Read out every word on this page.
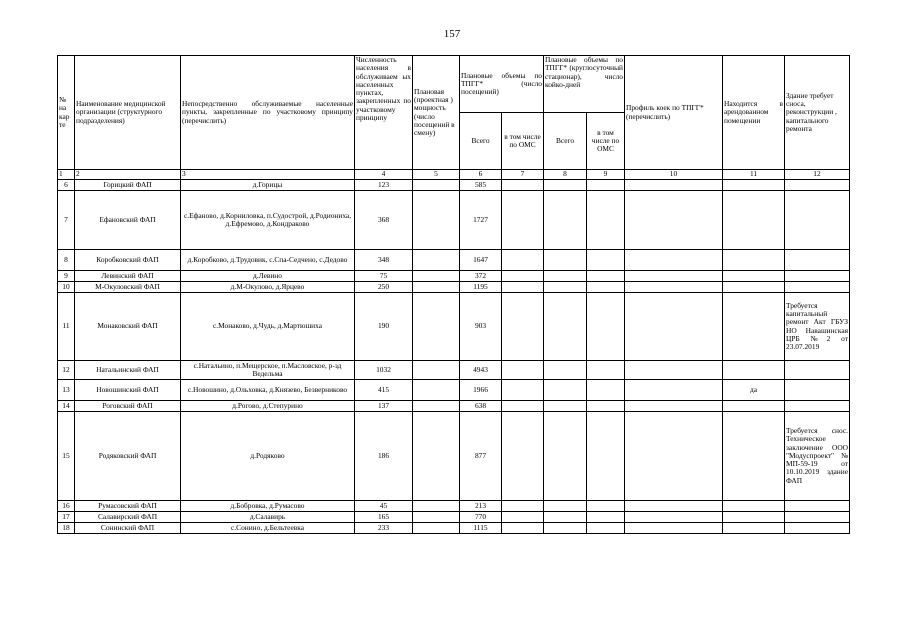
157
№ на кар те	Наименование медицинской организации (структурного подразделения)	Непосредственно обслуживаемые населенные пункты, закрепленные по участковому принципу (перечислить)	Численность населения в обслуживаем ых населенных пунктах, закрепленных по участковому принципу	Плановая (проектная ) мощность (число посещений в смену)	Плановые объемы по ТПГГ* (число посещений)		Плановые объемы по ТПГГ* (круглосуточный стационар), число койко-дней		Профиль коек по ТПГГ* (перечислить)	Находится в арендованном помещении	Здание требует сноса, реконструкции , капитального ремонта
					Всего	в том числе по ОМС	Всего	в том числе по ОМС			
1	2	3	4	5	6	7	8	9	10	11	12
6	Горицкий ФАП	д.Горицы	123		585						
7	Ефановский ФАП	с.Ефаново, д.Корниловка, п.Судострой, д.Родиониха, д.Ефремово, д.Кондраково	368		1727						
8	Коробковский ФАП	д.Коробково, д.Трудовик, с.Спа-Седчено, с.Дедово	348		1647						
9	Левинский ФАП	д.Левино	75		372						
10	М-Окуловский ФАП	д.М-Окулово, д.Ярцево	250		1195						
11	Монаковский ФАП	с.Монаково, д.Чудь, д.Мартюшиха	190		903						Требуется капитальный ремонт Акт ГБУЗ НО Навашинская ЦРБ №2 от 23.07.2019
12	Натальинский ФАП	с.Натальино, п.Мещерское, п.Масловское, р-зд Ведельма	1032		4943						
13	Новошинский ФАП	с.Новошино, д.Ольховка, д.Князево, Безверниково	415		1966					да	
14	Роговский ФАП	д.Рогово, д.Степурино	137		638						
15	Родяковский ФАП	д.Родяково	186		877						Требуется снос. Техническое заключение ООО "Модуспроект" № МП-59-19 от 10.10.2019 здание ФАП
16	Румасовский ФАП	д.Бобровка, д.Румасово	45		213						
17	Салавирский ФАП	д.Салавирь	165		770						
18	Сонинский ФАП	с.Сонино, д.Бельтеевка	233		1115						
